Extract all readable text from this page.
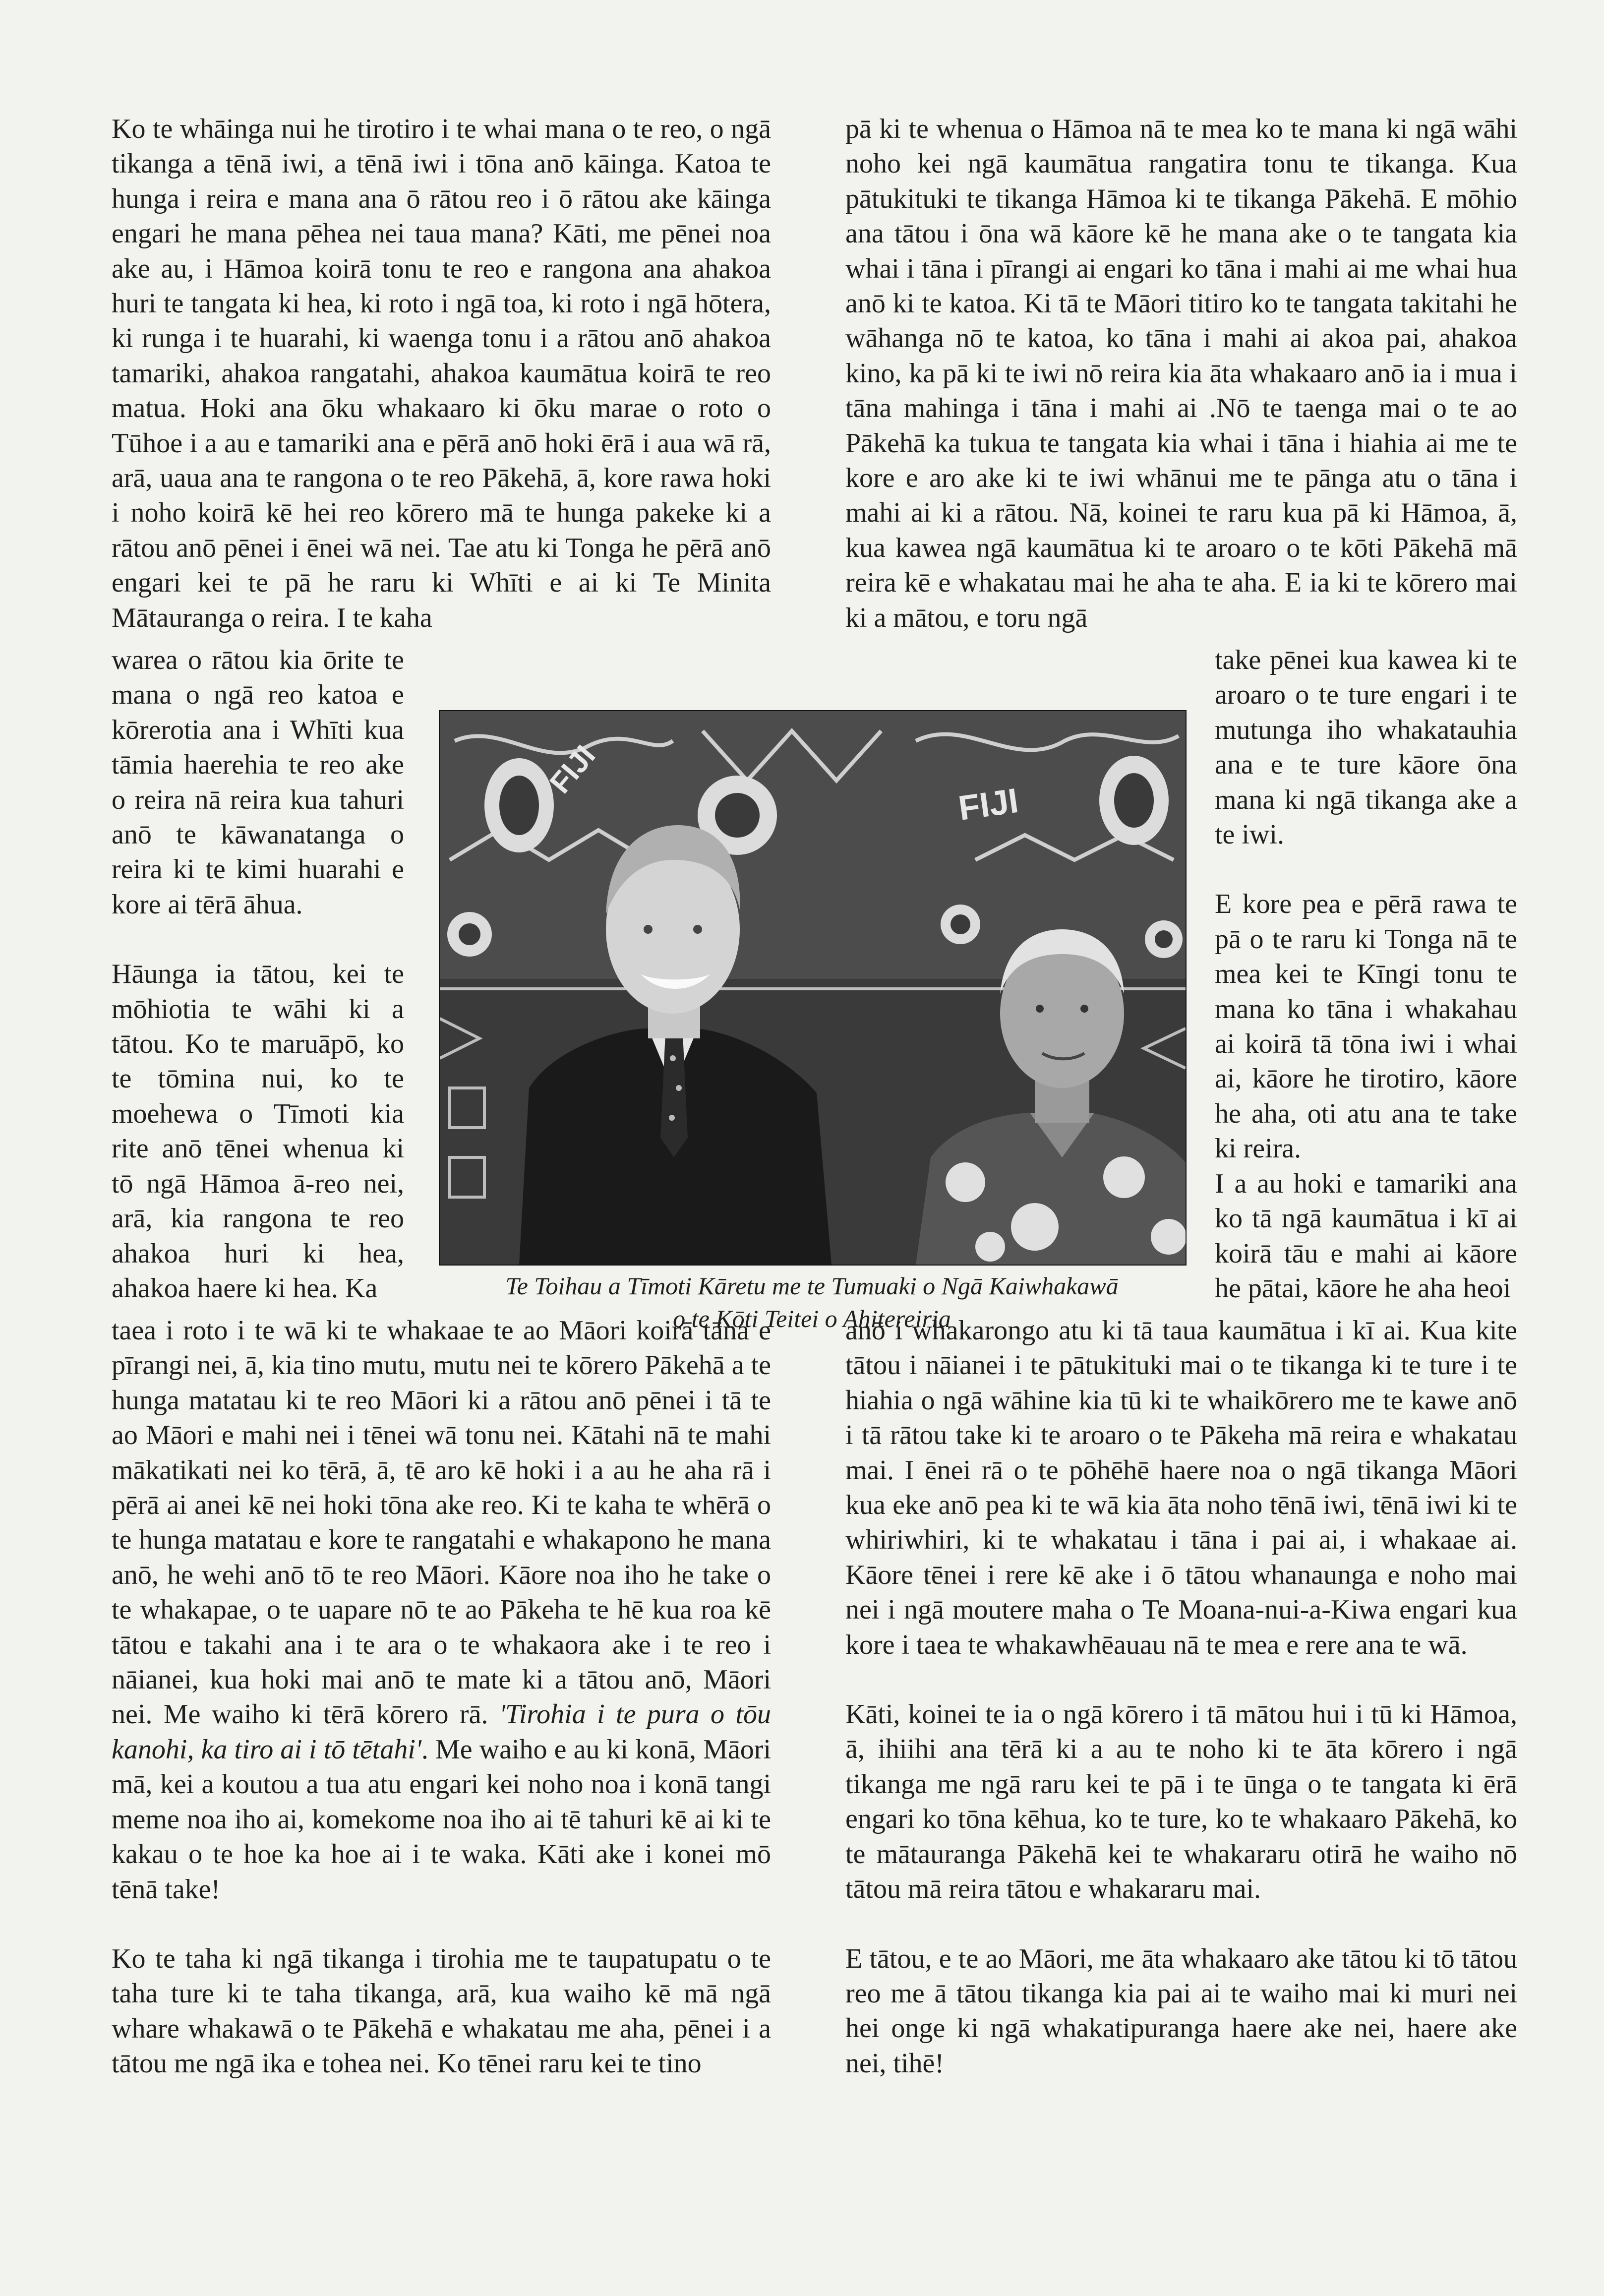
Ko te whāinga nui he tirotiro i te whai mana o te reo, o ngā tikanga a tēnā iwi, a tēnā iwi i tōna anō kāinga. Katoa te hunga i reira e mana ana ō rātou reo i ō rātou ake kāinga engari he mana pēhea nei taua mana? Kāti, me pēnei noa ake au, i Hāmoa koirā tonu te reo e rangona ana ahakoa huri te tangata ki hea, ki roto i ngā toa, ki roto i ngā hōtera, ki runga i te huarahi, ki waenga tonu i a rātou anō ahakoa tamariki, ahakoa rangatahi, ahakoa kaumātua koirā te reo matua. Hoki ana ōku whakaaro ki ōku marae o roto o Tūhoe i a au e tamariki ana e pērā anō hoki ērā i aua wā rā, arā, uaua ana te rangona o te reo Pākehā, ā, kore rawa hoki i noho koirā kē hei reo kōrero mā te hunga pakeke ki a rātou anō pēnei i ēnei wā nei. Tae atu ki Tonga he pērā anō engari kei te pā he raru ki Whīti e ai ki Te Minita Mātauranga o reira. I te kaha

warea o rātou kia ōrite te mana o ngā reo katoa e kōrerotia ana i Whīti kua tāmia haerehia te reo ake o reira nā reira kua tahuri anō te kāwanatanga o reira ki te kimi huarahi e kore ai tērā āhua.

Hāunga ia tātou, kei te mōhiotia te wāhi ki a tātou. Ko te maruāpō, ko te tōmina nui, ko te moehewa o Tīmoti kia rite anō tēnei whenua ki tō ngā Hāmoa ā-reo nei, arā, kia rangona te reo ahakoa huri ki hea, ahakoa haere ki hea. Ka

taea i roto i te wā ki te whakaae te ao Māori koirā tāna e pīrangi nei, ā, kia tino mutu, mutu nei te kōrero Pākehā a te hunga matatau ki te reo Māori ki a rātou anō pēnei i tā te ao Māori e mahi nei i tēnei wā tonu nei. Kātahi nā te mahi mākatikati nei ko tērā, ā, tē aro kē hoki i a au he aha rā i pērā ai anei kē nei hoki tōna ake reo. Ki te kaha te whērā o te hunga matatau e kore te rangatahi e whakapono he mana anō, he wehi anō tō te reo Māori. Kāore noa iho he take o te whakapae, o te uapare nō te ao Pākeha te hē kua roa kē tātou e takahi ana i te ara o te whakaora ake i te reo i nāianei, kua hoki mai anō te mate ki a tātou anō, Māori nei. Me waiho ki tērā kōrero rā. 'Tirohia i te pura o tōu kanohi, ka tiro ai i tō tētahi'. Me waiho e au ki konā, Māori mā, kei a koutou a tua atu engari kei noho noa i konā tangi meme noa iho ai, komekome noa iho ai tē tahuri kē ai ki te kakau o te hoe ka hoe ai i te waka. Kāti ake i konei mō tēnā take!

Ko te taha ki ngā tikanga i tirohia me te taupatupatu o te taha ture ki te taha tikanga, arā, kua waiho kē mā ngā whare whakawā o te Pākehā e whakatau me aha, pēnei i a tātou me ngā ika e tohea nei. Ko tēnei raru kei te tino

pā ki te whenua o Hāmoa nā te mea ko te mana ki ngā wāhi noho kei ngā kaumātua rangatira tonu te tikanga. Kua pātukituki te tikanga Hāmoa ki te tikanga Pākehā. E mōhio ana tātou i ōna wā kāore kē he mana ake o te tangata kia whai i tāna i pīrangi ai engari ko tāna i mahi ai me whai hua anō ki te katoa. Ki tā te Māori titiro ko te tangata takitahi he wāhanga nō te katoa, ko tāna i mahi ai akoa pai, ahakoa kino, ka pā ki te iwi nō reira kia āta whakaaro anō ia i mua i tāna mahinga i tāna i mahi ai .Nō te taenga mai o te ao Pākehā ka tukua te tangata kia whai i tāna i hiahia ai me te kore e aro ake ki te iwi whānui me te pānga atu o tāna i mahi ai ki a rātou. Nā, koinei te raru kua pā ki Hāmoa, ā, kua kawea ngā kaumātua ki te aroaro o te kōti Pākehā mā reira kē e whakatau mai he aha te aha. E ia ki te kōrero mai ki a mātou, e toru ngā

take pēnei kua kawea ki te aroaro o te ture engari i te mutunga iho whakatauhia ana e te ture kāore ōna mana ki ngā tikanga ake a te iwi.

E kore pea e pērā rawa te pā o te raru ki Tonga nā te mea kei te Kīngi tonu te mana ko tāna i whakahau ai koirā tā tōna iwi i whai ai, kāore he tirotiro, kāore he aha, oti atu ana te take ki reira.

I a au hoki e tamariki ana ko tā ngā kaumātua i kī ai koirā tāu e mahi ai kāore he pātai, kāore he aha heoi

anō i whakarongo atu ki tā taua kaumātua i kī ai. Kua kite tātou i nāianei i te pātukituki mai o te tikanga ki te ture i te hiahia o ngā wāhine kia tū ki te whaikōrero me te kawe anō i tā rātou take ki te aroaro o te Pākeha mā reira e whakatau mai. I ēnei rā o te pōhēhē haere noa o ngā tikanga Māori kua eke anō pea ki te wā kia āta noho tēnā iwi, tēnā iwi ki te whiriwhiri, ki te whakatau i tāna i pai ai, i whakaae ai. Kāore tēnei i rere kē ake i ō tātou whanaunga e noho mai nei i ngā moutere maha o Te Moana-nui-a-Kiwa engari kua kore i taea te whakawhēauau nā te mea e rere ana te wā.

Kāti, koinei te ia o ngā kōrero i tā mātou hui i tū ki Hāmoa, ā, ihiihi ana tērā ki a au te noho ki te āta kōrero i ngā tikanga me ngā raru kei te pā i te ūnga o te tangata ki ērā engari ko tōna kēhua, ko te ture, ko te whakaaro Pākehā, ko te mātauranga Pākehā kei te whakararu otirā he waiho nō tātou mā reira tātou e whakararu mai.

E tātou, e te ao Māori, me āta whakaaro ake tātou ki tō tātou reo me ā tātou tikanga kia pai ai te waiho mai ki muri nei hei onge ki ngā whakatipuranga haere ake nei, haere ake nei, tihē!

FIJI
FIJI
Te Toihau a Tīmoti Kāretu me te Tumuaki o Ngā Kaiwhakawā
o te Kōti Teitei o Ahitereiria
